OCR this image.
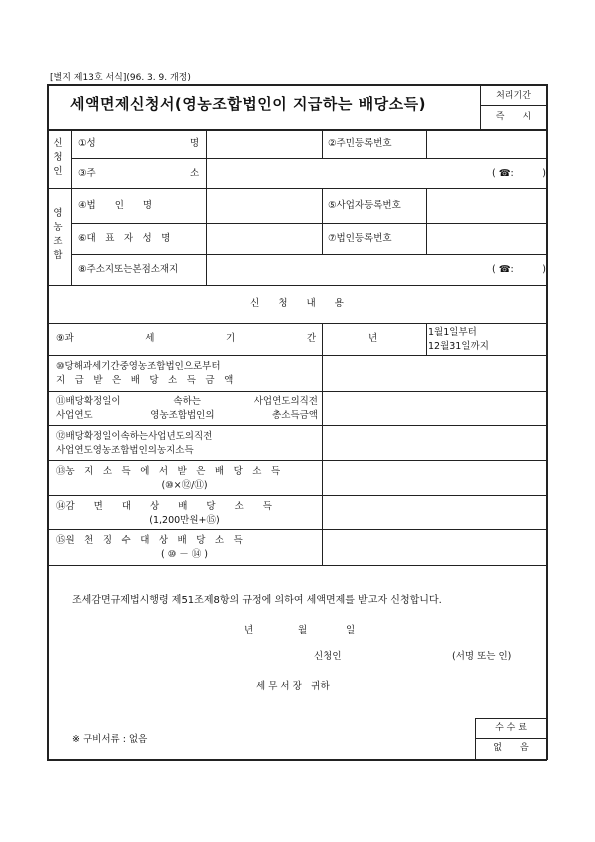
[별지 제13호 서식](96. 3. 9. 개정)
세액면제신청서(영농조합법인이 지급하는 배당소득)	처리기간
즉　　시
신청인
①성	명	②주민등록번호
③주	소	( ☎:　　　)
영농조합
④법　　인　　명	⑤사업자등록번호
⑥대　표　자　성　명	⑦법인등록번호
⑧주소지또는본점소재지	( ☎:　　　)
신　　청　　내　　용
⑨과	세	기	간	년
1월1일부터
12월31일까지
⑩당해과세기간중영농조합법인으로부터
지　급　받　은　배　당　소　득　금　액
⑪배당확정일이	속하는	사업연도의직전
사업연도	영농조합법인의	총소득금액
⑫배당확정일이속하는사업년도의직전
사업연도영농조합법인의농지소득
⑬농　지　소　득　에　서　받　은　배　당　소　득
(⑩×⑫/⑪)
⑭감　　면　　대　　상　　배　　당　　소　　득
(1,200만원+⑮)
⑮원　천　징　수　대　상　배　당　소　득
( ⑩ － ⑭ )
조세감면규제법시행령 제51조제8항의 규정에 의하여 세액면제를 받고자 신청합니다.
년	월	일
신청인	(서명 또는 인)
세 무 서 장　귀하
※ 구비서류 : 없음
수 수 료
없　　음
